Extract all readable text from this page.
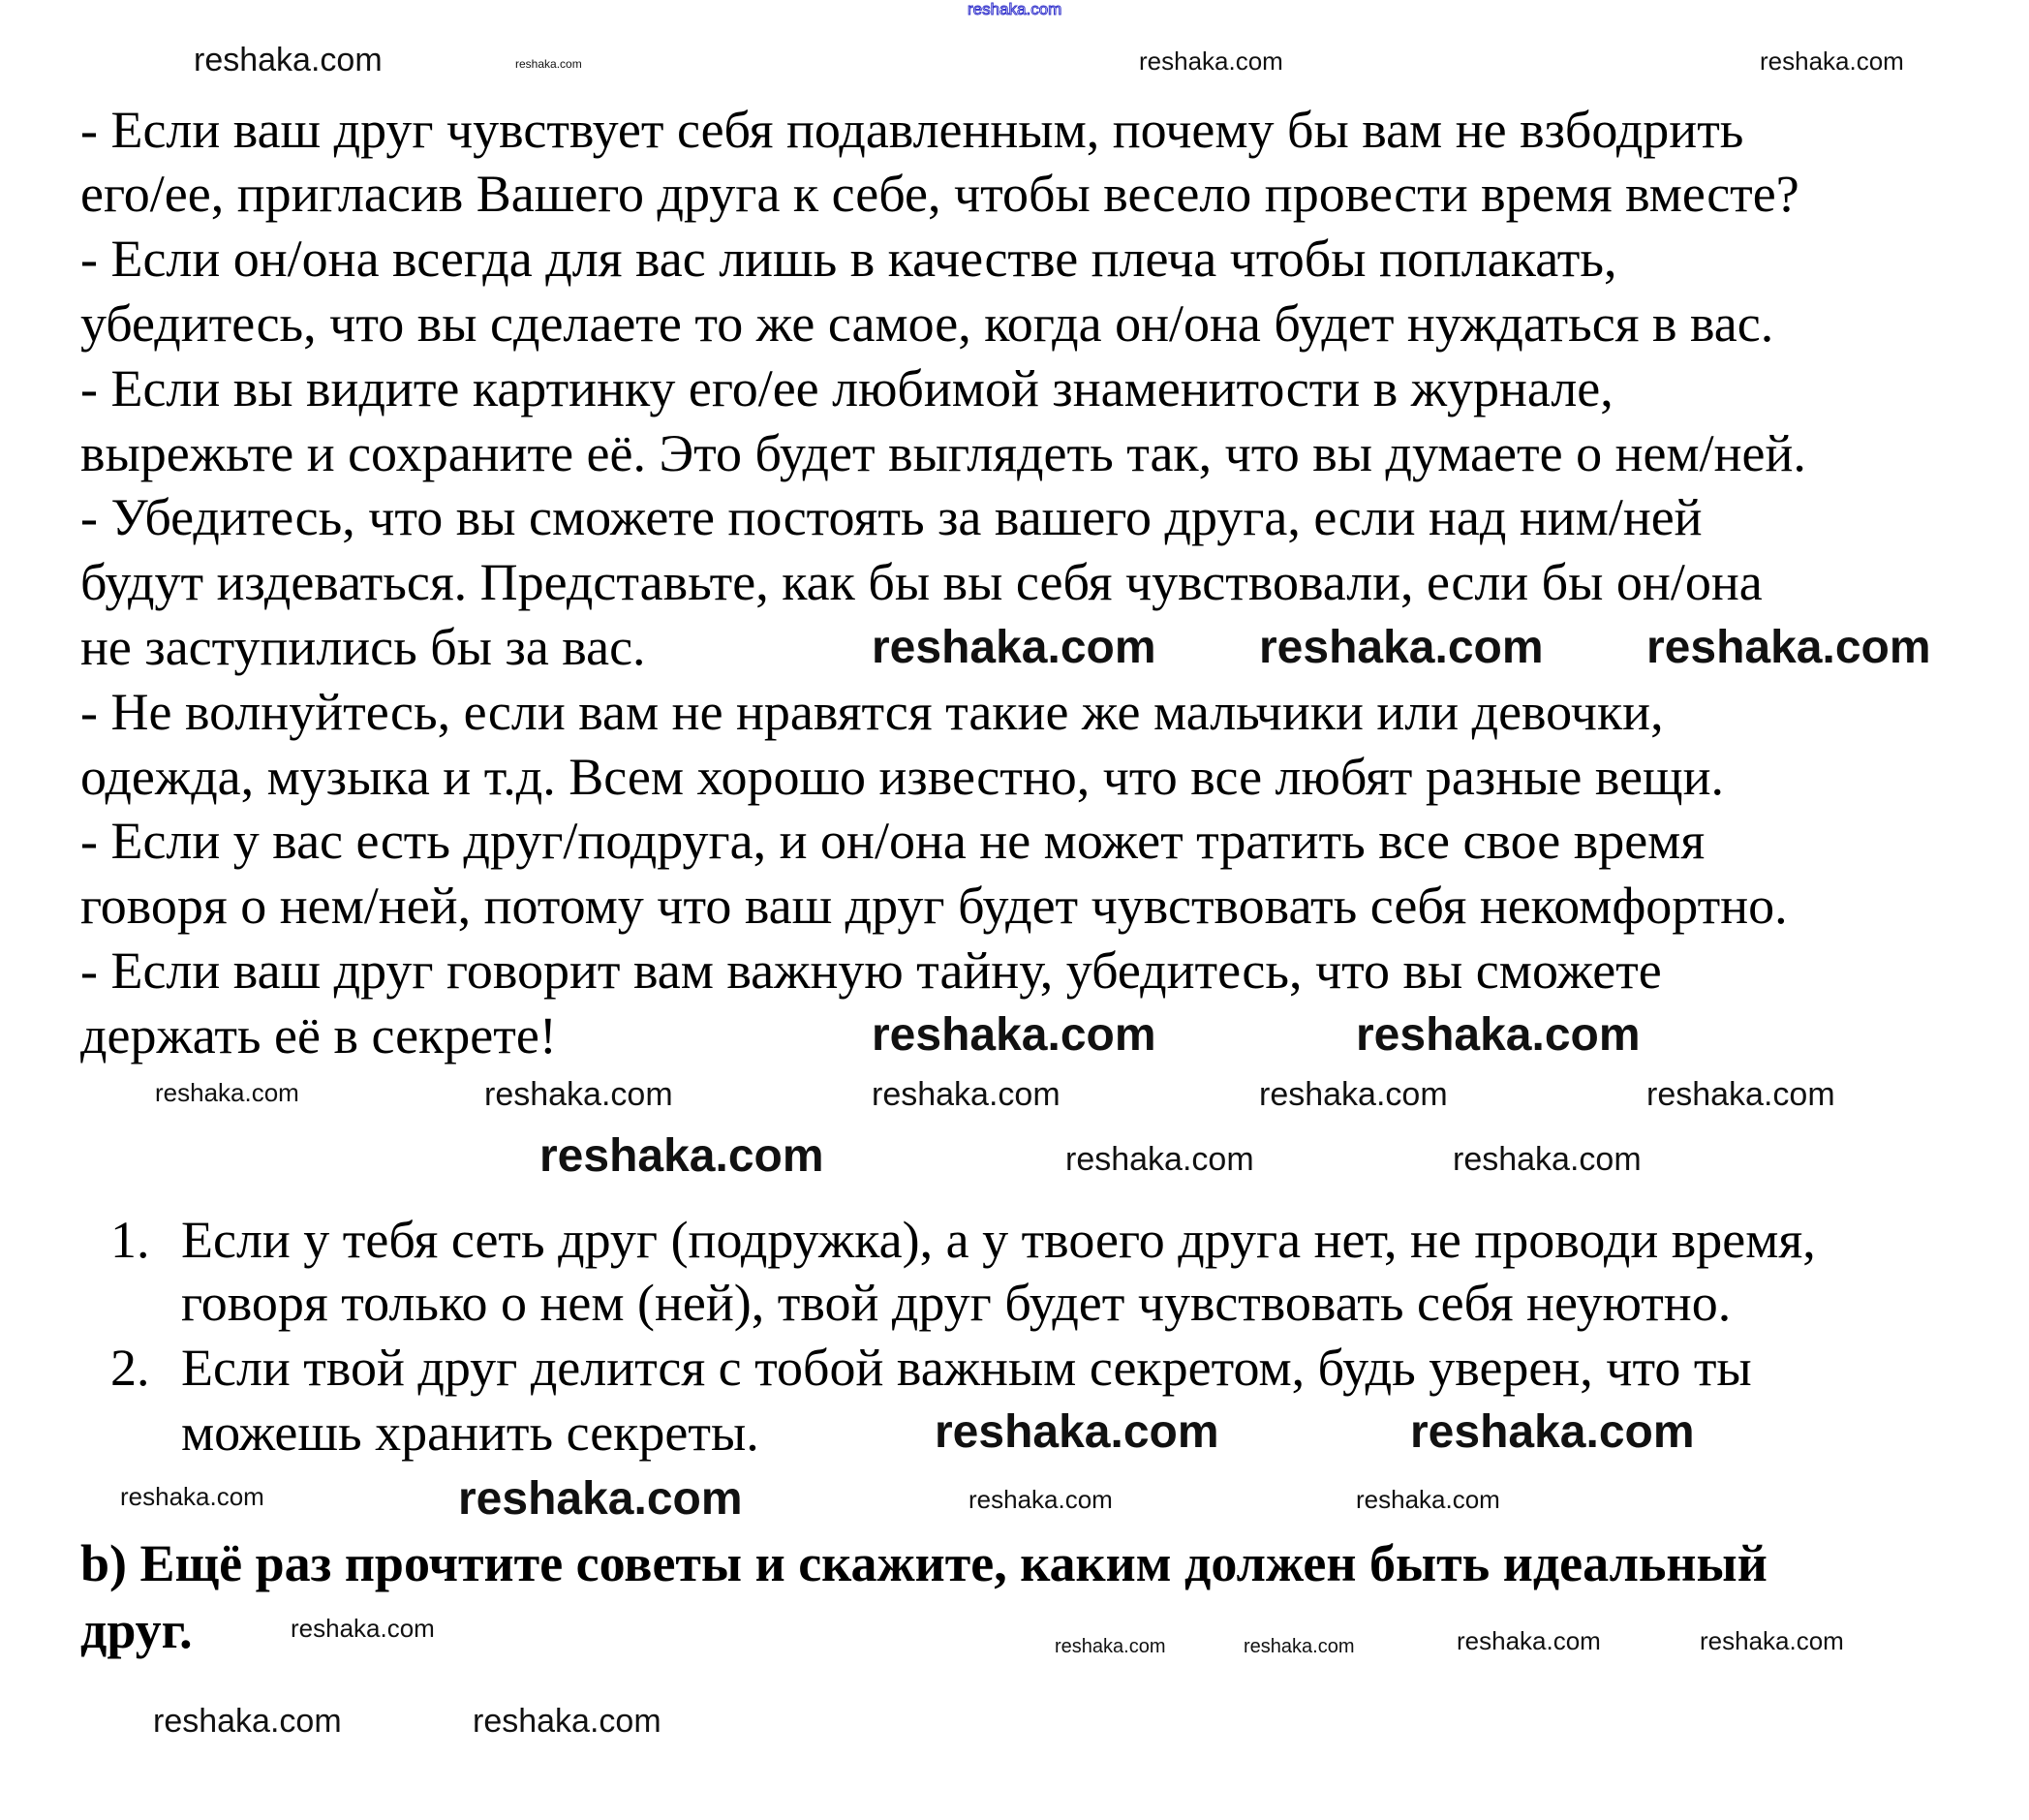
- Если ваш друг чувствует себя подавленным, почему бы вам не взбодрить
его/ее, пригласив Вашего друга к себе, чтобы весело провести время вместе?
- Если он/она всегда для вас лишь в качестве плеча чтобы поплакать,
убедитесь, что вы сделаете то же самое, когда он/она будет нуждаться в вас.
- Если вы видите картинку его/ее любимой знаменитости в журнале,
вырежьте и сохраните её. Это будет выглядеть так, что вы думаете о нем/ней.
- Убедитесь, что вы сможете постоять за вашего друга, если над ним/ней
будут издеваться. Представьте, как бы вы себя чувствовали, если бы он/она
не заступились бы за вас.
- Не волнуйтесь, если вам не нравятся такие же мальчики или девочки,
одежда, музыка и т.д. Всем хорошо известно, что все любят разные вещи.
- Если у вас есть друг/подруга, и он/она не может тратить все свое время
говоря о нем/ней, потому что ваш друг будет чувствовать себя некомфортно.
- Если ваш друг говорит вам важную тайну, убедитесь, что вы сможете
держать её в секрете!
1. Если у тебя сеть друг (подружка), а у твоего друга нет, не проводи время,
говоря только о нем (ней), твой друг будет чувствовать себя неуютно.
2. Если твой друг делится с тобой важным секретом, будь уверен, что ты
можешь хранить секреты.
b) Ещё раз прочтите советы и скажите, каким должен быть идеальный
друг.
reshaka.com
reshaka.com	reshaka.com	reshaka.com	reshaka.com
reshaka.com reshaka.com reshaka.com
reshaka.com	reshaka.com
reshaka.com	reshaka.com	reshaka.com	reshaka.com	reshaka.com
reshaka.com	reshaka.com	reshaka.com
reshaka.com	reshaka.com
reshaka.com	reshaka.com	reshaka.com	reshaka.com
reshaka.com
reshaka.com	reshaka.com	reshaka.com	reshaka.com
reshaka.com	reshaka.com
